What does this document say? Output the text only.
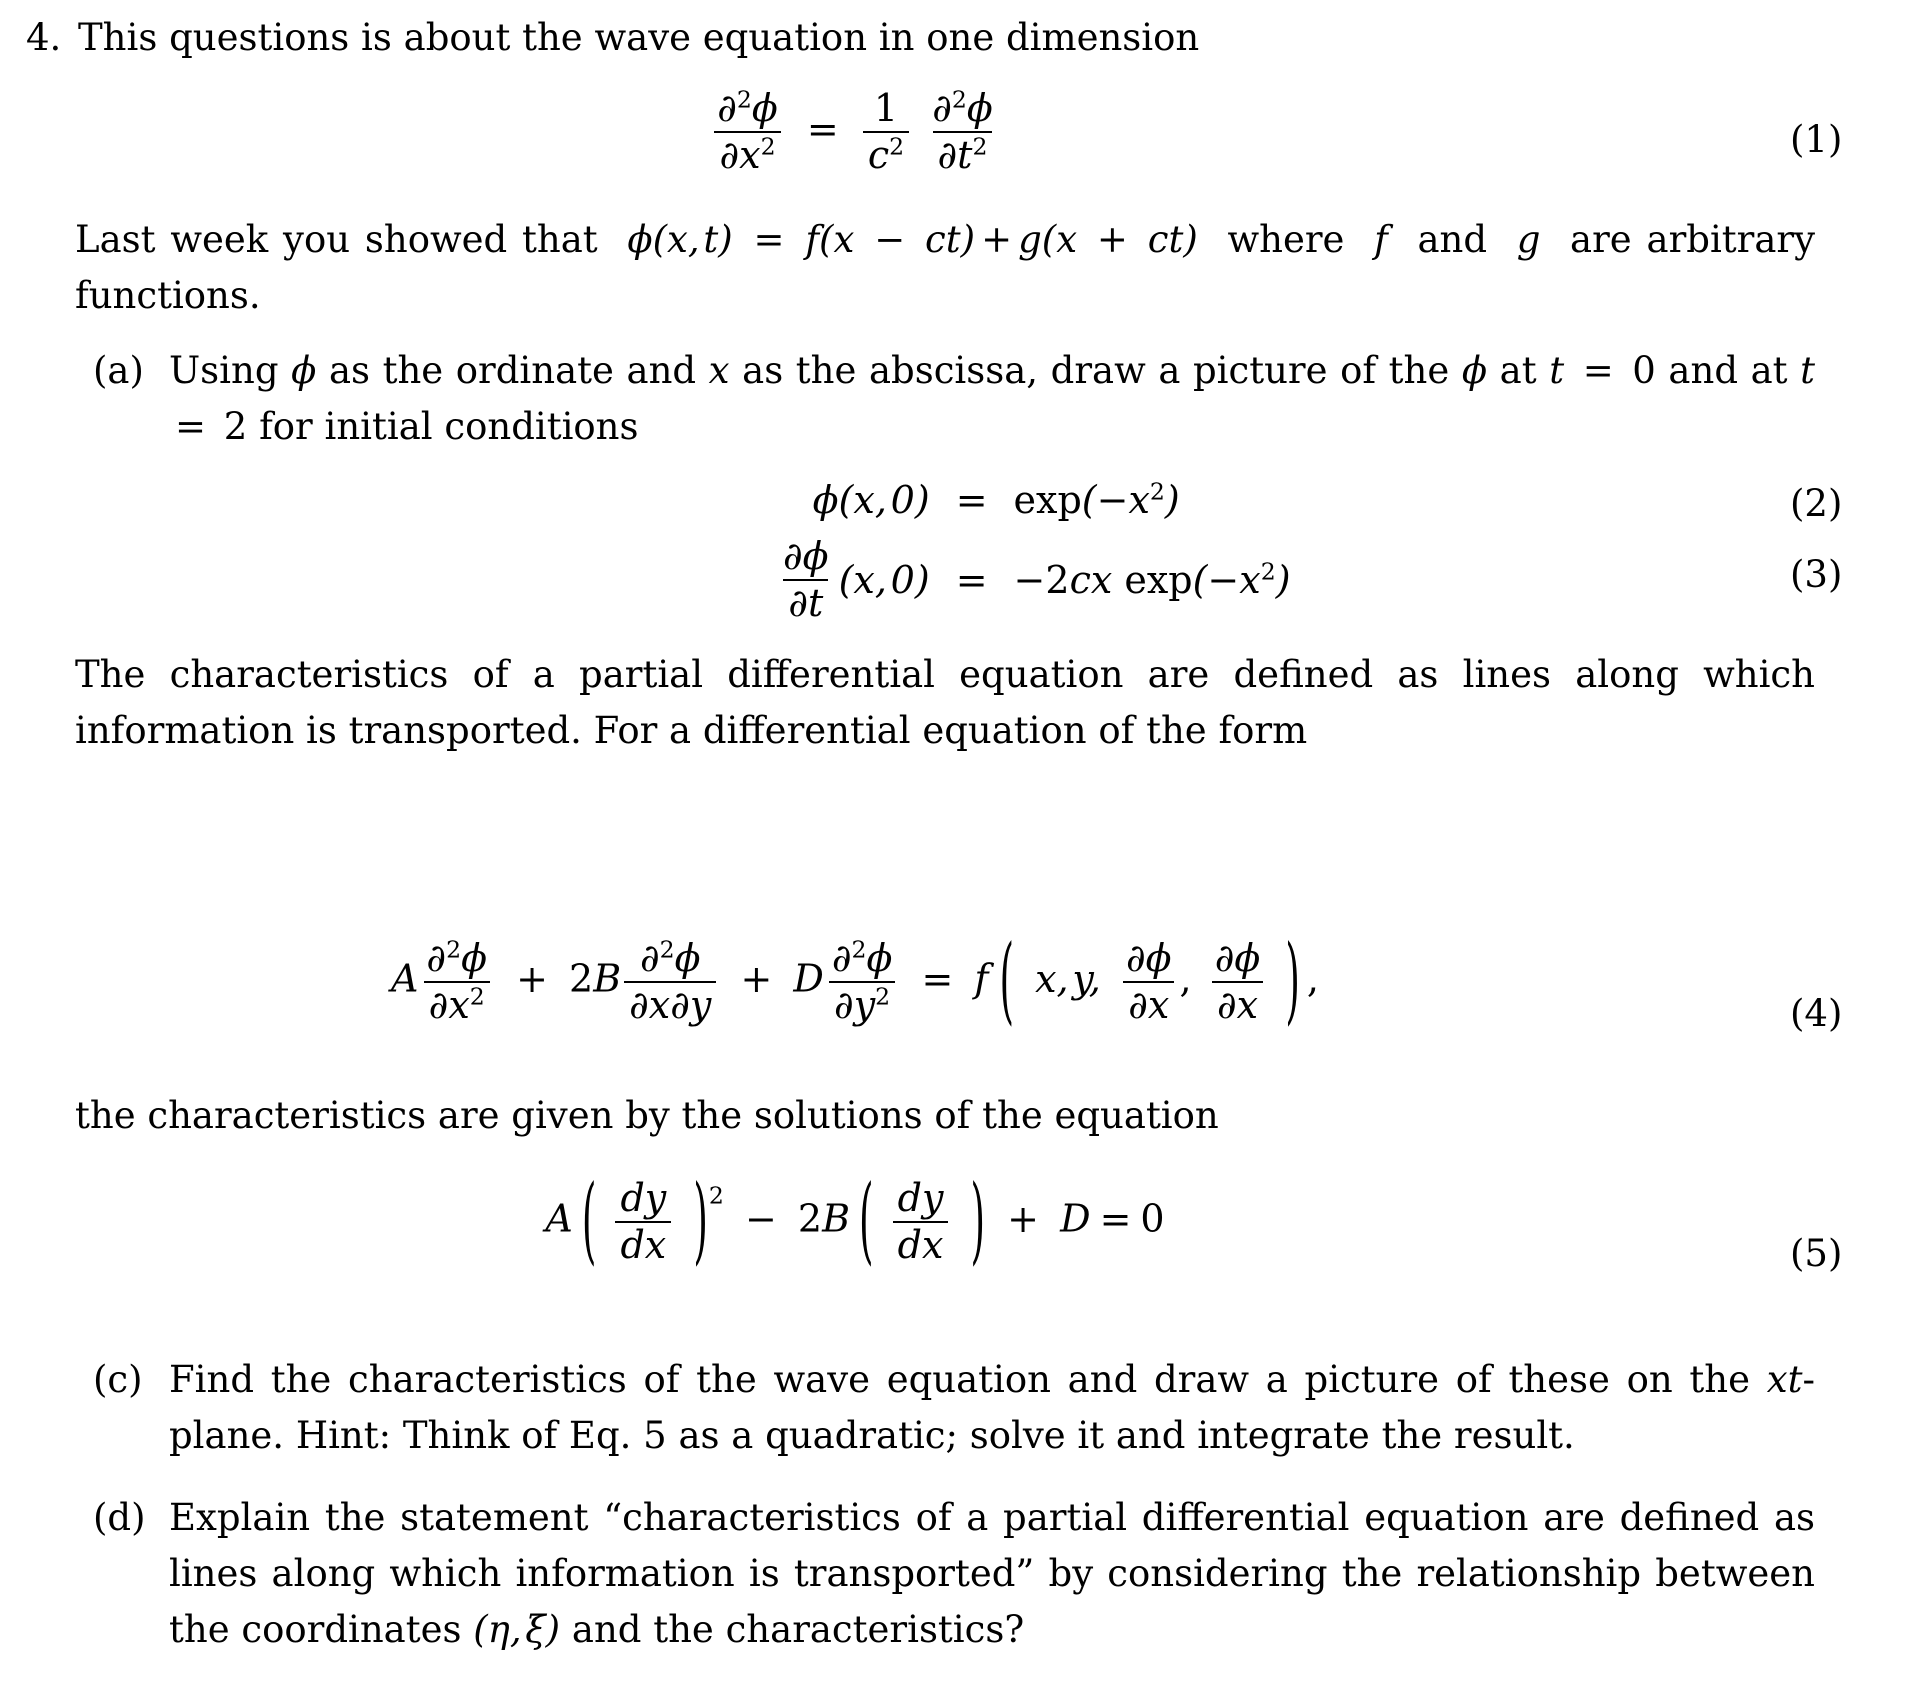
4. This questions is about the wave equation in one dimension
$\frac{\partial^2\phi}{\partial x^2} = \frac{1}{c^2}$
$\frac{\partial^2\phi}{\partial t^2}$	(1)
Last week you showed that  ϕ(x, t) = f(x − ct) + g(x + ct)  where  f  and  g  are arbitrary functions.
(a) Using ϕ as the ordinate and x as the abscissa, draw a picture of the ϕ at t = 0 and at t = 2 for initial conditions
ϕ(x, $0) = \exp(-x^2)$
$\frac{\partial\phi}{\partial t} (x$, 0) = −2cx $\exp(-x^2)$
(2)
(3)
The characteristics of a partial differential equation are defined as lines along which information is transported. For a differential equation of the form
A $\frac{\partial^2\phi}{\partial x^2} + 2B \frac{\partial^2\phi}{\partial x\partial y} + D \frac{\partial^2\phi}{\partial y^2} = f$ ( x, y, $\frac{\partial\phi}{\partial x}$ , $\frac{\partial\phi}{\partial x}$ ) ,
(4)
the characteristics are given by the solutions of the equation
A ( $\frac{dy}{dx} )^2 - 2B$ ( $\frac{dy}{dx}$ ) + D = 0
(5)
(c) Find the characteristics of the wave equation and draw a picture of these on the xt- plane. Hint: Think of Eq. 5 as a quadratic; solve it and integrate the result.
(d) Explain the statement “characteristics of a partial differential equation are defined as lines along which information is transported” by considering the relationship between the coordinates (η, ξ) and the characteristics?
